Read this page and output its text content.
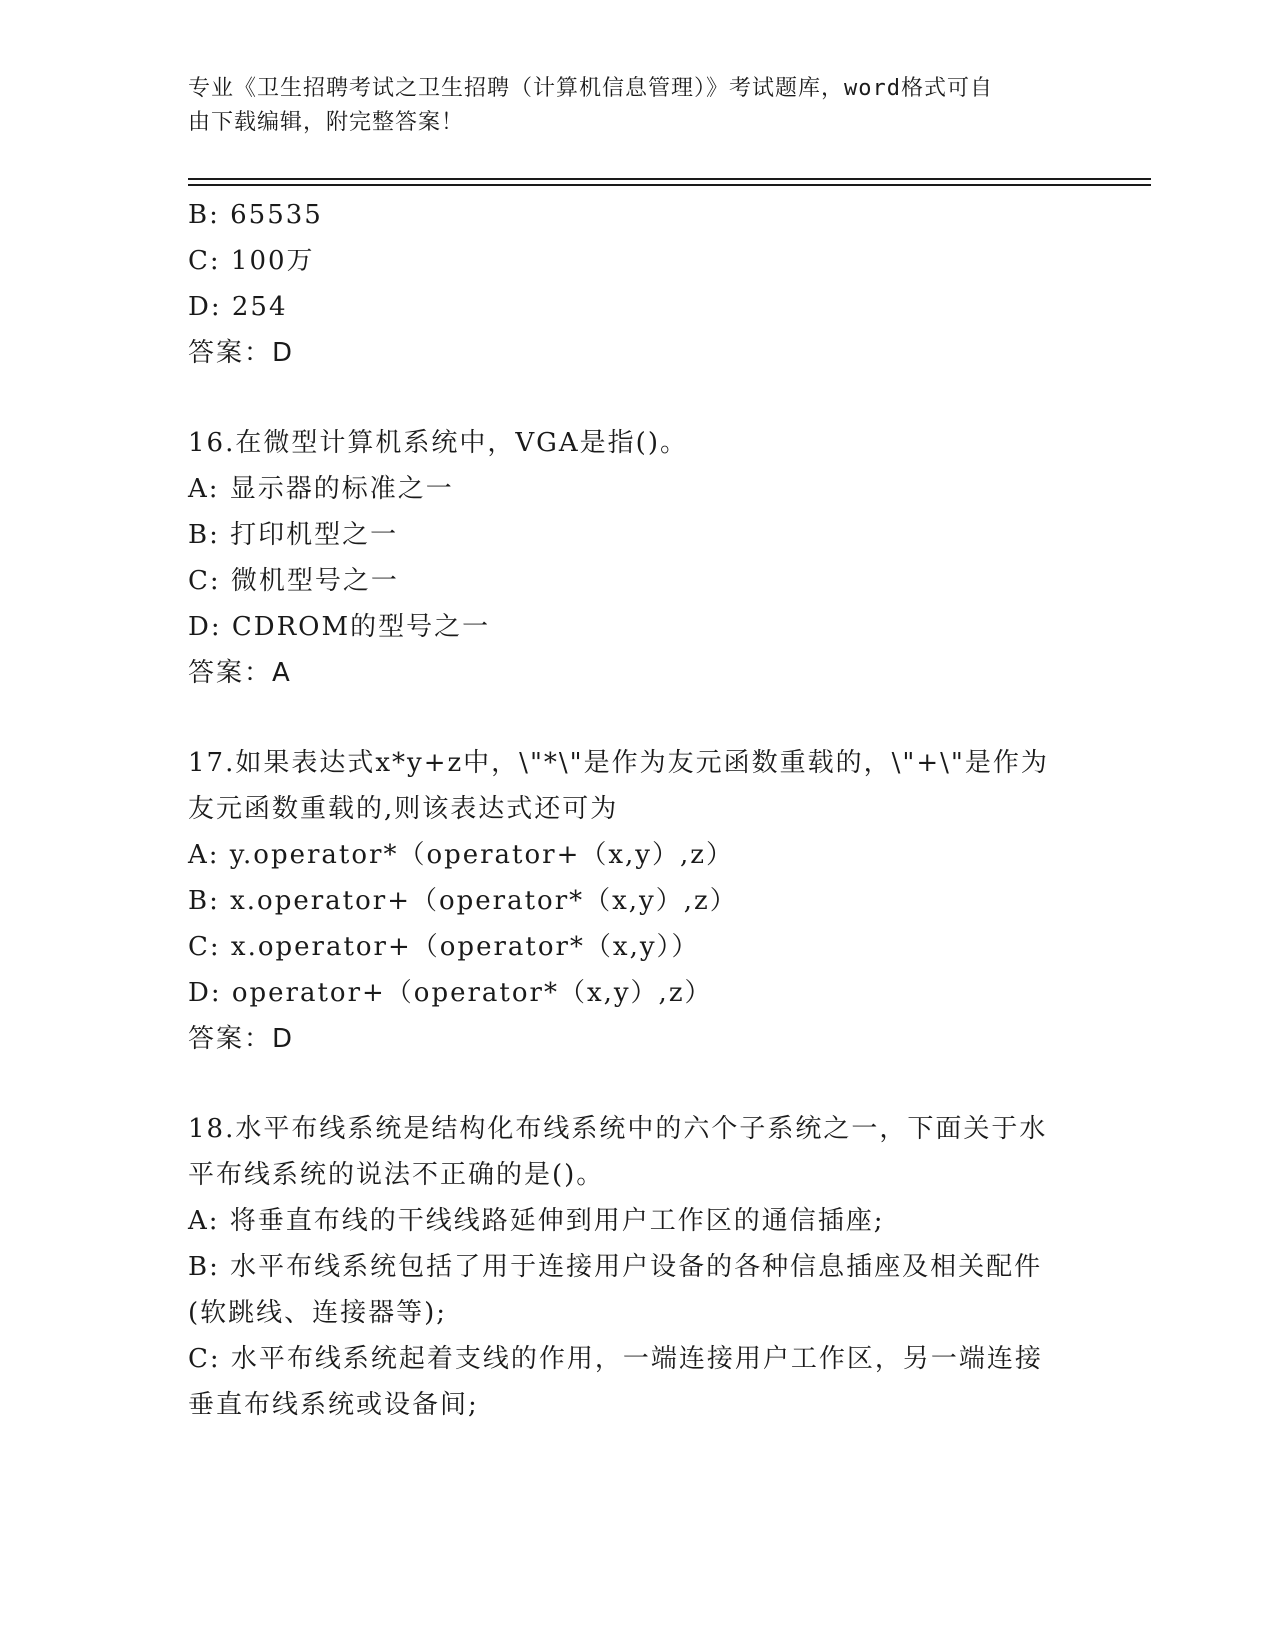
专业《卫生招聘考试之卫生招聘（计算机信息管理）》考试题库，word格式可自
由下载编辑，附完整答案！
B: 65535
C: 100万
D: 254
答案：D
16.在微型计算机系统中，VGA是指()。
A: 显示器的标准之一
B: 打印机型之一
C: 微机型号之一
D: CDROM的型号之一
答案：A
17.如果表达式x*y+z中，\"*\"是作为友元函数重载的，\"+\"是作为
友元函数重载的,则该表达式还可为
A: y.operator*（operator+（x,y）,z）
B: x.operator+（operator*（x,y）,z）
C: x.operator+（operator*（x,y））
D: operator+（operator*（x,y）,z）
答案：D
18.水平布线系统是结构化布线系统中的六个子系统之一，下面关于水
平布线系统的说法不正确的是()。
A: 将垂直布线的干线线路延伸到用户工作区的通信插座;
B: 水平布线系统包括了用于连接用户设备的各种信息插座及相关配件
(软跳线、连接器等);
C: 水平布线系统起着支线的作用，一端连接用户工作区，另一端连接
垂直布线系统或设备间;
